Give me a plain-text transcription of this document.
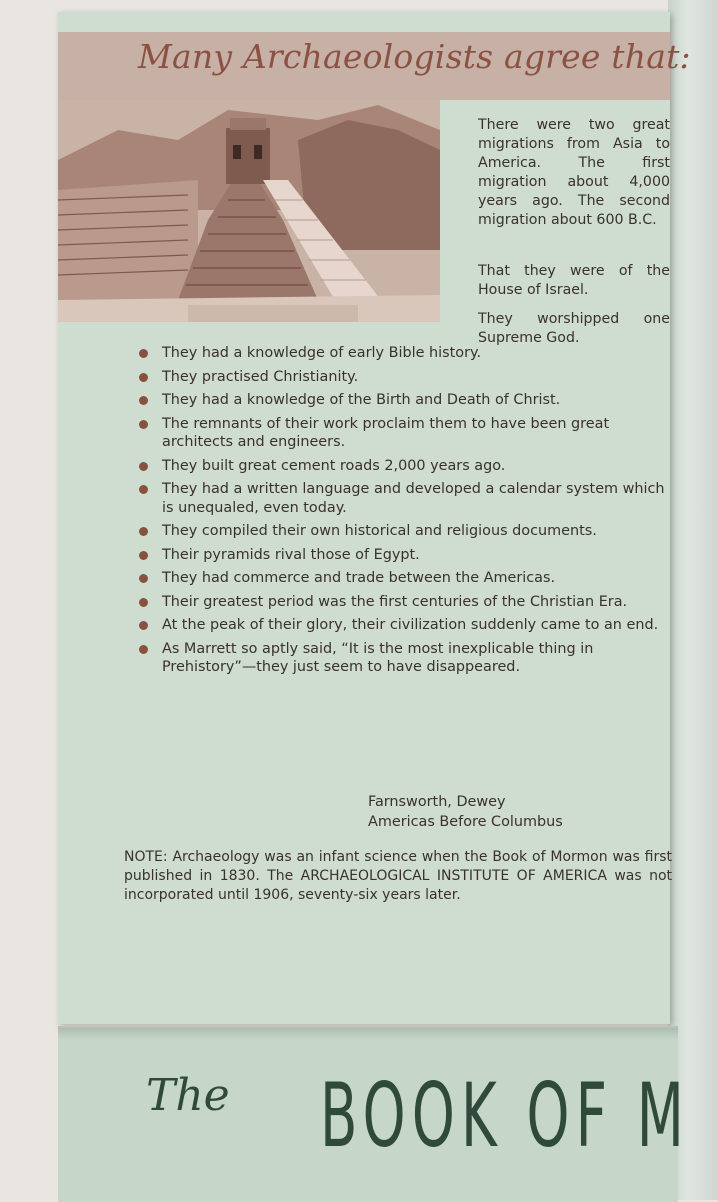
Many Archaeologists agree that:

There were two great migrations from Asia to America. The first migration about 4,000 years ago. The second migration about 600 B.C.

That they were of the House of Israel.

They worshipped one Supreme God.

They had a knowledge of early Bible history.
They practised Christianity.
They had a knowledge of the Birth and Death of Christ.
The remnants of their work proclaim them to have been great architects and engineers.
They built great cement roads 2,000 years ago.
They had a written language and developed a calendar system which is unequaled, even today.
They compiled their own historical and religious documents.
Their pyramids rival those of Egypt.
They had commerce and trade between the Americas.
Their greatest period was the first centuries of the Christian Era.
At the peak of their glory, their civilization suddenly came to an end.
As Marrett so aptly said, “It is the most inexplicable thing in Prehistory”—they just seem to have disappeared.
Farnsworth, Dewey
Americas Before Columbus
NOTE: Archaeology was an infant science when the Book of Mormon was first published in 1830. The ARCHAEOLOGICAL INSTITUTE OF AMERICA was not incorporated until 1906, seventy-six years later.
The BOOK OF M
